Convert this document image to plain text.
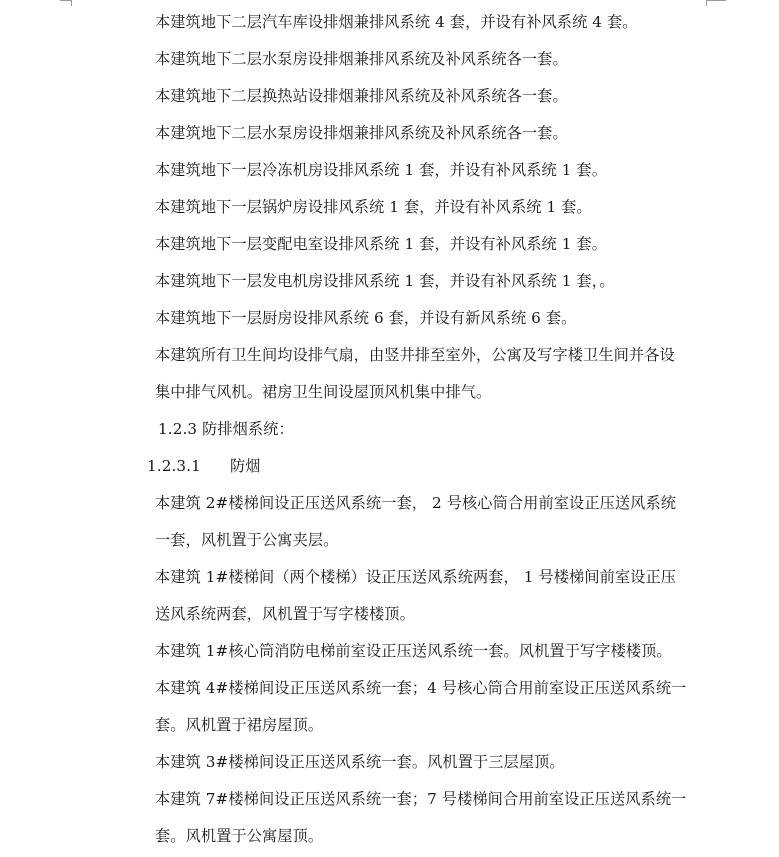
本建筑地下二层汽车库设排烟兼排风系统 4 套，并设有补风系统 4 套。

本建筑地下二层水泵房设排烟兼排风系统及补风系统各一套。

本建筑地下二层换热站设排烟兼排风系统及补风系统各一套。

本建筑地下二层水泵房设排烟兼排风系统及补风系统各一套。

本建筑地下一层冷冻机房设排风系统 1 套，并设有补风系统 1 套。

本建筑地下一层锅炉房设排风系统 1 套，并设有补风系统 1 套。

本建筑地下一层变配电室设排风系统 1 套，并设有补风系统 1 套。

本建筑地下一层发电机房设排风系统 1 套，并设有补风系统 1 套，。

本建筑地下一层厨房设排风系统 6 套，并设有新风系统 6 套。

本建筑所有卫生间均设排气扇，由竖井排至室外，公寓及写字楼卫生间并各设
集中排气风机。裙房卫生间设屋顶风机集中排气。

1.2.3 防排烟系统：

1.2.3.1 防烟

本建筑 2#楼梯间设正压送风系统一套， 2 号核心筒合用前室设正压送风系统
一套，风机置于公寓夹层。

本建筑 1#楼梯间（两个楼梯）设正压送风系统两套， 1 号楼梯间前室设正压
送风系统两套，风机置于写字楼楼顶。

本建筑 1#核心筒消防电梯前室设正压送风系统一套。风机置于写字楼楼顶。

本建筑 4#楼梯间设正压送风系统一套；4 号核心筒合用前室设正压送风系统一
套。风机置于裙房屋顶。

本建筑 3#楼梯间设正压送风系统一套。风机置于三层屋顶。

本建筑 7#楼梯间设正压送风系统一套；7 号楼梯间合用前室设正压送风系统一
套。风机置于公寓屋顶。
